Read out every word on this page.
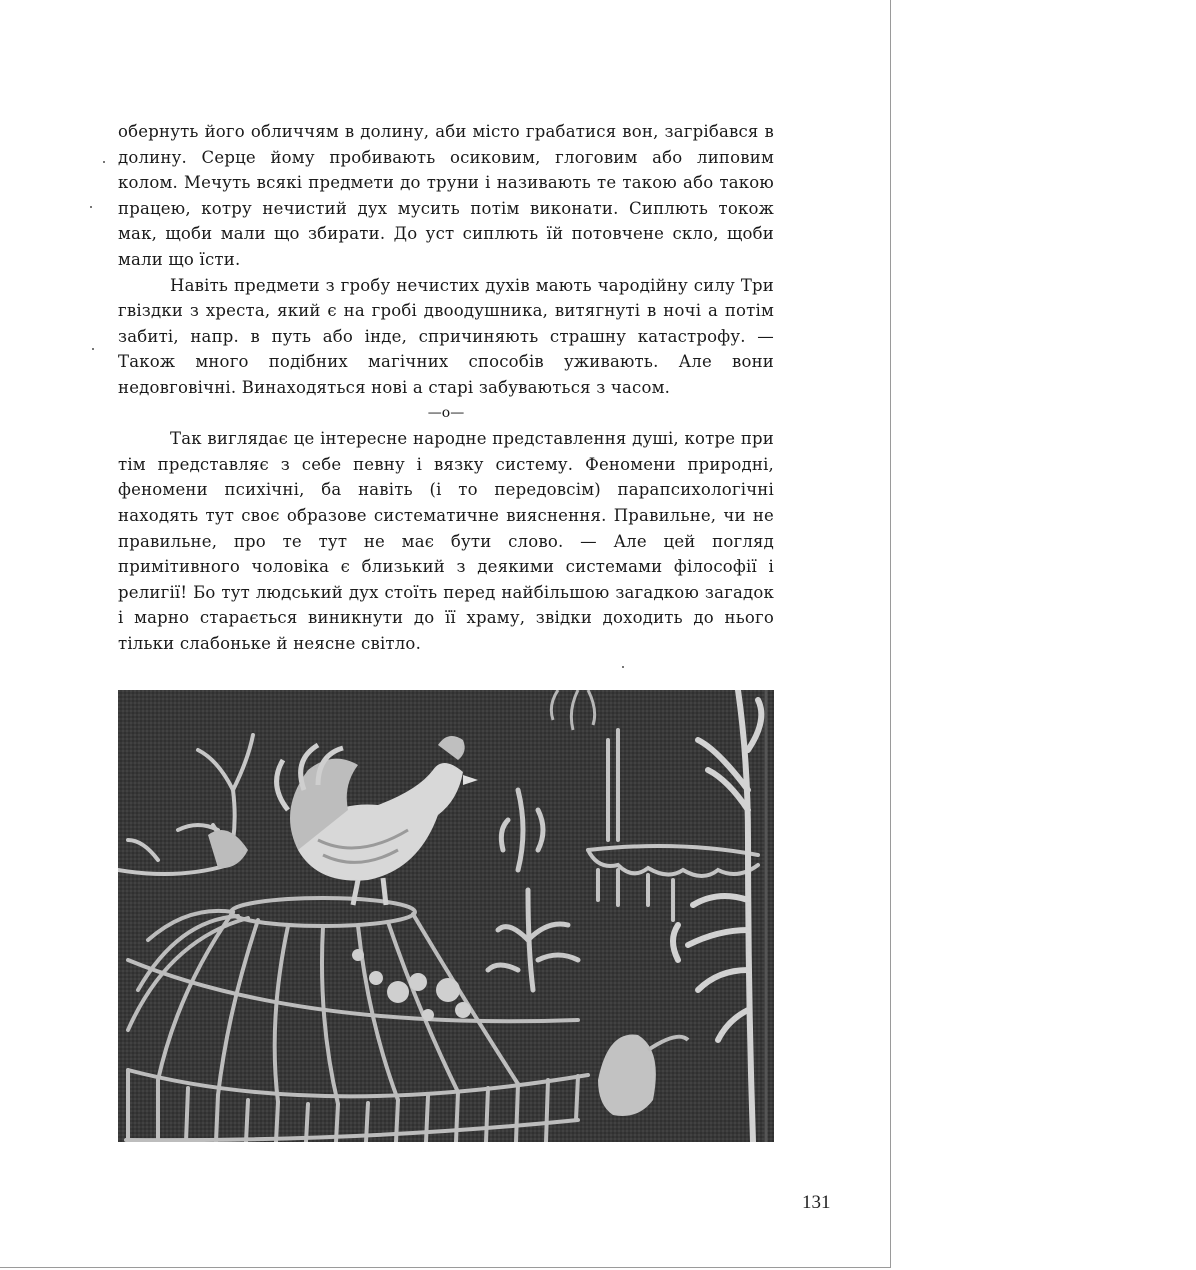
обернуть його обличчям в долину, аби місто грабатися вон, загрібався в долину. Серце йому пробивають осиковим, глоговим або липовим колом. Мечуть всякі предмети до труни і називають те такою або такою працею, котру нечистий дух мусить потім виконати. Сиплють токож мак, щоби мали що збирати. До уст сиплють їй потовчене скло, щоби мали що їсти.

Навіть предмети з гробу нечистих духів мають чародійну силу Три гвіздки з хреста, який є на гробі двоодушника, витягнуті в ночі а потім забиті, напр. в путь або інде, спричиняють страшну катастрофу. — Також много подібних магічних способів уживають. Але вони недовговічні. Винаходяться нові а старі забуваються з часом.

—о—

Так виглядає це інтересне народне представлення душі, котре при тім представляє з себе певну і вязку систему. Феномени природні, феномени психічні, ба навіть (і то передовсім) парапсихологічні находять тут своє образове систематичне вияснення. Правильне, чи не правильне, про те тут не має бути слово. — Але цей погляд примітивного чоловіка є близький з деякими системами філософії і религії! Бо тут людський дух стоїть перед найбільшою загадкою загадок і марно старається виникнути до її храму, звідки доходить до нього тільки слабоньке й неясне світло.

131
